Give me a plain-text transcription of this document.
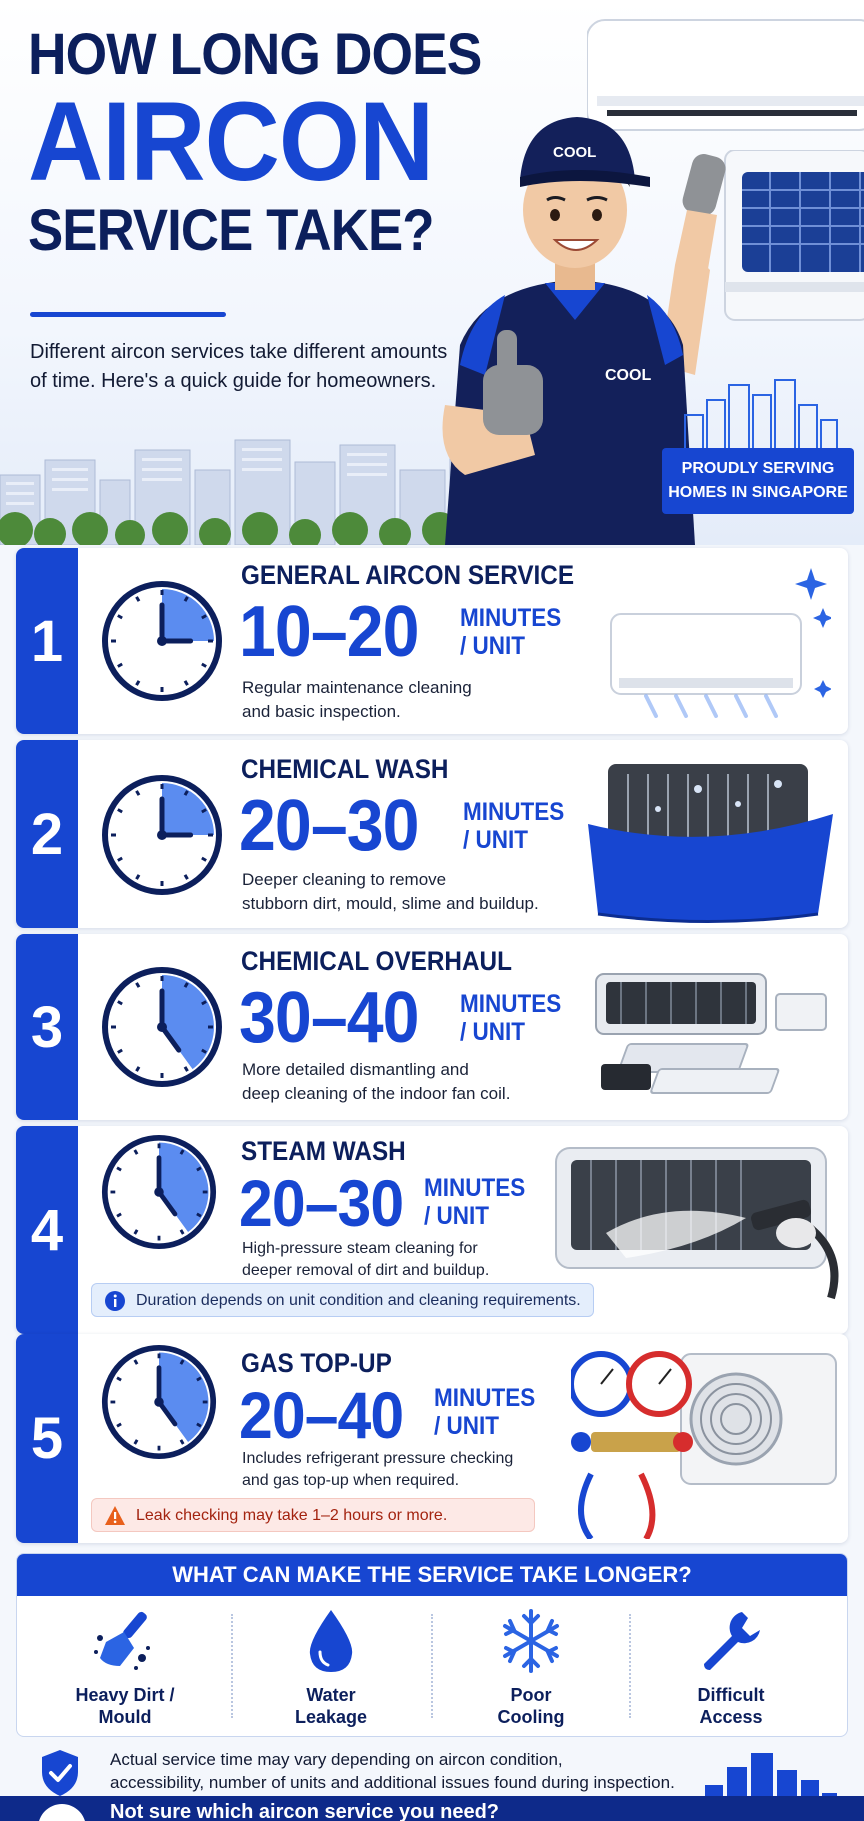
HOW LONG DOES
AIRCON
SERVICE TAKE?

Different aircon services take different amounts of time. Here's a quick guide for homeowners.	COOL
COOL
PROUDLY SERVING
HOMES IN SINGAPORE
1
GENERAL AIRCON SERVICE
10–20 MINUTES
/ UNIT
Regular maintenance cleaning
and basic inspection.
2
CHEMICAL WASH
20–30 MINUTES
/ UNIT
Deeper cleaning to remove
stubborn dirt, mould, slime and buildup.
3
CHEMICAL OVERHAUL
30–40 MINUTES
/ UNIT
More detailed dismantling and
deep cleaning of the indoor fan coil.
4
STEAM WASH
20–30 MINUTES
/ UNIT
High-pressure steam cleaning for
deeper removal of dirt and buildup.
Duration depends on unit condition and cleaning requirements.
5
GAS TOP-UP
20–40 MINUTES
/ UNIT
Includes refrigerant pressure checking
and gas top-up when required.
Leak checking may take 1–2 hours or more.
WHAT CAN MAKE THE SERVICE TAKE LONGER?
Heavy Dirt /
Mould
Water
Leakage
Poor
Cooling
Difficult
Access
Actual service time may vary depending on aircon condition,
accessibility, number of units and additional issues found during inspection.
Not sure which aircon service you need?
